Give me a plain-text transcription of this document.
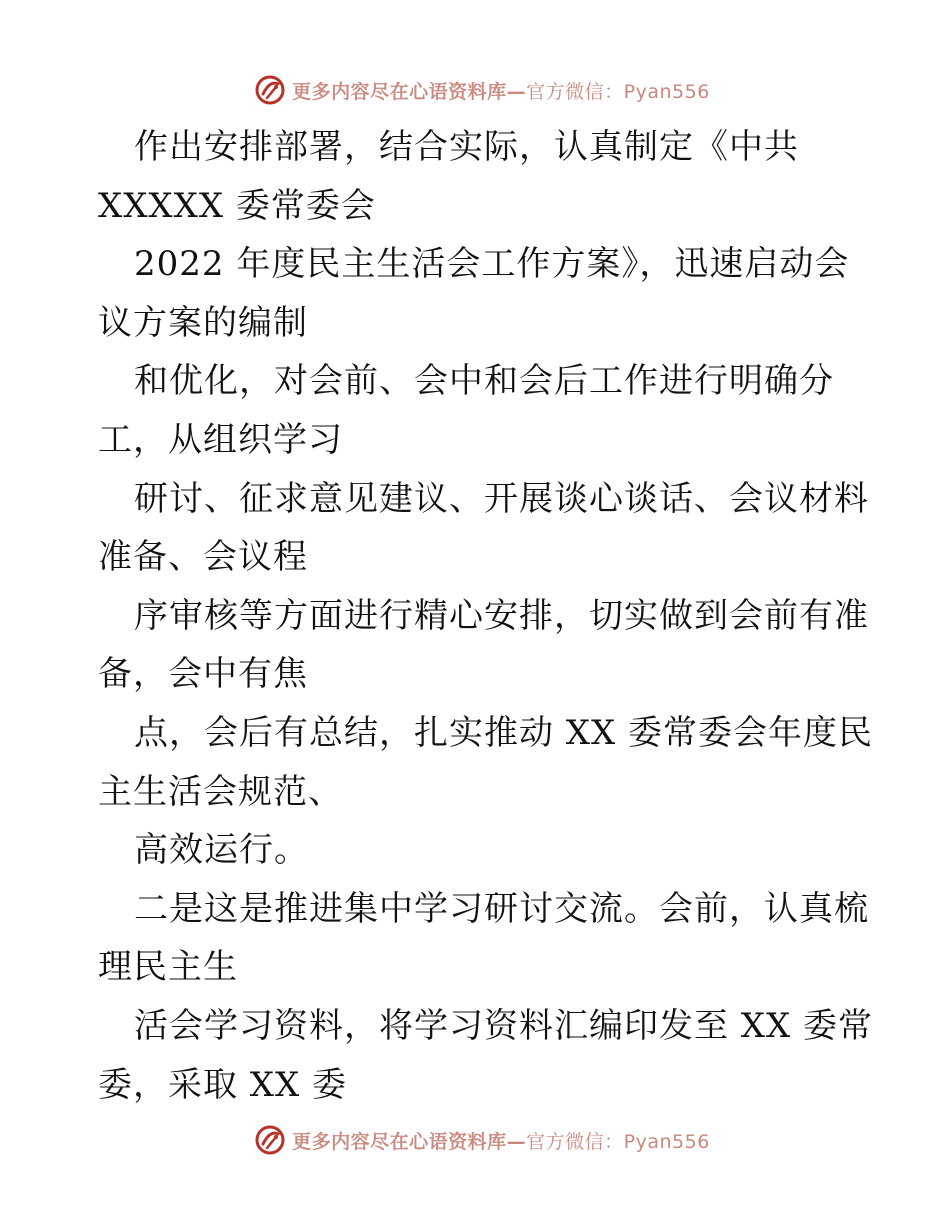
更多内容尽在心语资料库—官方微信：Pyan556
作出安排部署，结合实际，认真制定《中共
XXXXX 委常委会
2022 年度民主生活会工作方案》，迅速启动会
议方案的编制
和优化，对会前、会中和会后工作进行明确分
工，从组织学习
研讨、征求意见建议、开展谈心谈话、会议材料
准备、会议程
序审核等方面进行精心安排，切实做到会前有准
备，会中有焦
点，会后有总结，扎实推动 XX 委常委会年度民
主生活会规范、
高效运行。
二是这是推进集中学习研讨交流。会前，认真梳
理民主生
活会学习资料，将学习资料汇编印发至 XX 委常
委，采取 XX 委
更多内容尽在心语资料库—官方微信：Pyan556
